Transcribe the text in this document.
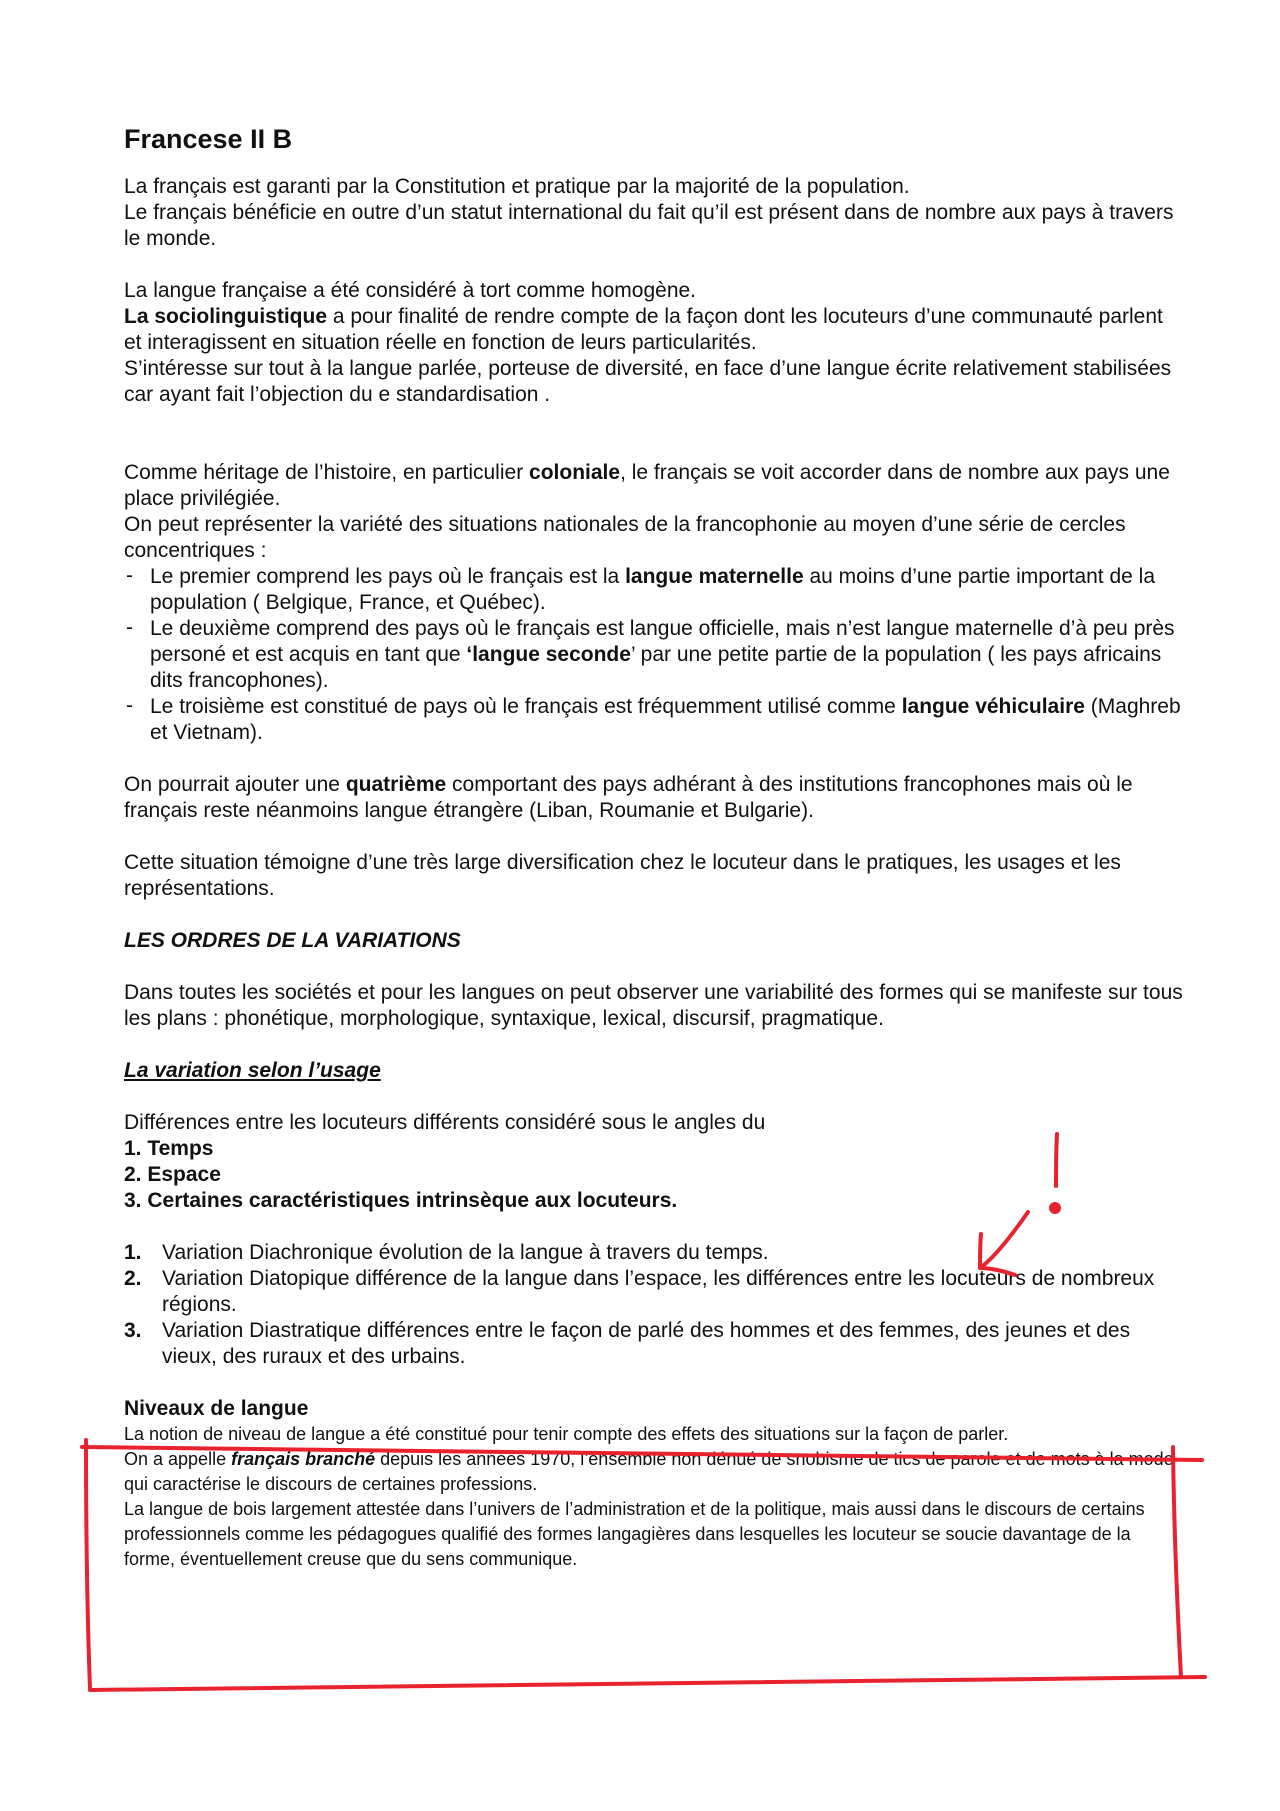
Francese II B

La français est garanti par la Constitution et pratique par la majorité de la population.

Le français bénéficie en outre d’un statut international du fait qu’il est présent dans de nombre aux pays à travers le monde.

La langue française a été considéré à tort comme homogène.

La sociolinguistique a pour finalité de rendre compte de la façon dont les locuteurs d’une communauté parlent et interagissent en situation réelle en fonction de leurs particularités.

S’intéresse sur tout à la langue parlée, porteuse de diversité, en face d’une langue écrite relativement stabilisées car ayant fait l’objection du e standardisation .

Comme héritage de l’histoire, en particulier coloniale, le français se voit accorder dans de nombre aux pays une place privilégiée.

On peut représenter la variété des situations nationales de la francophonie au moyen d’une série de cercles concentriques :

- Le premier comprend les pays où le français est la langue maternelle au moins d’une partie important de la population ( Belgique, France, et Québec).
- Le deuxième comprend des pays où le français est langue officielle, mais n’est langue maternelle d’à peu près personé et est acquis en tant que ‘langue seconde’ par une petite partie de la population ( les pays africains dits francophones).
- Le troisième est constitué de pays où le français est fréquemment utilisé comme langue véhiculaire (Maghreb et Vietnam).

On pourrait ajouter une quatrième comportant des pays adhérant à des institutions francophones mais où le français reste néanmoins langue étrangère (Liban, Roumanie et Bulgarie).

Cette situation témoigne d’une très large diversification chez le locuteur dans le pratiques, les usages et les représentations.

LES ORDRES DE LA VARIATIONS

Dans toutes les sociétés et pour les langues on peut observer une variabilité des formes qui se manifeste sur tous les plans : phonétique, morphologique, syntaxique, lexical, discursif, pragmatique.

La variation selon l’usage

Différences entre les locuteurs différents considéré sous le angles du

1. Temps

2. Espace

3. Certaines caractéristiques intrinsèque aux locuteurs.

1. Variation Diachronique évolution de la langue à travers du temps.
2. Variation Diatopique différence de la langue dans l’espace, les différences entre les locuteurs de nombreux régions.
3. Variation Diastratique différences entre le façon de parlé des hommes et des femmes, des jeunes et des vieux, des ruraux et des urbains.

Niveaux de langue

La notion de niveau de langue a été constitué pour tenir compte des effets des situations sur la façon de parler.

On a appelle français branché depuis les années 1970, l’ensemble non dénué de snobisme de tics de parole et de mots à la mode qui caractérise le discours de certaines professions.

La langue de bois largement attestée dans l’univers de l’administration et de la politique, mais aussi dans le discours de certains professionnels comme les pédagogues qualifié des formes langagières dans lesquelles les locuteur se soucie davantage de la forme, éventuellement creuse que du sens communique.
